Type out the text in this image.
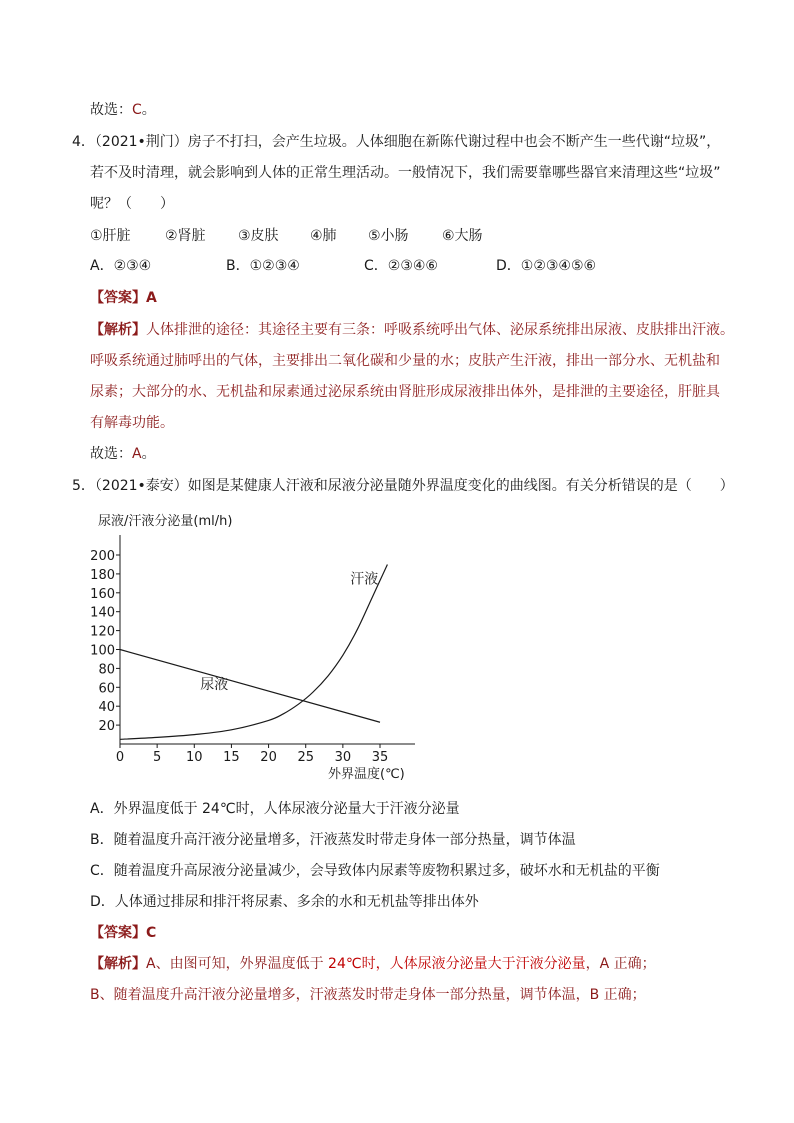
故选：C。
4．（2021•荆门）房子不打扫，会产生垃圾。人体细胞在新陈代谢过程中也会不断产生一些代谢“垃圾”，
若不及时清理，就会影响到人体的正常生理活动。一般情况下，我们需要靠哪些器官来清理这些“垃圾”
呢？（　　）
①肝脏 ②肾脏 ③皮肤 ④肺 ⑤小肠 ⑥大肠
A．②③④	B．①②③④	C．②③④⑥	D．①②③④⑤⑥
【答案】A
【解析】人体排泄的途径：其途径主要有三条：呼吸系统呼出气体、泌尿系统排出尿液、皮肤排出汗液。
呼吸系统通过肺呼出的气体，主要排出二氧化碳和少量的水；皮肤产生汗液，排出一部分水、无机盐和
尿素；大部分的水、无机盐和尿素通过泌尿系统由肾脏形成尿液排出体外，是排泄的主要途径，肝脏具
有解毒功能。
故选：A。
5．（2021•泰安）如图是某健康人汗液和尿液分泌量随外界温度变化的曲线图。有关分析错误的是（　　）
尿液/汗液分泌量(ml/h)
20
40
60
80
100
120
140
160
180
200
0 5 10 15 20 25 30 35
汗液
尿液
外界温度(℃)
A．外界温度低于 24℃时，人体尿液分泌量大于汗液分泌量
B．随着温度升高汗液分泌量增多，汗液蒸发时带走身体一部分热量，调节体温
C．随着温度升高尿液分泌量减少，会导致体内尿素等废物积累过多，破坏水和无机盐的平衡
D．人体通过排尿和排汗将尿素、多余的水和无机盐等排出体外
【答案】C
【解析】A、由图可知，外界温度低于 24℃时，人体尿液分泌量大于汗液分泌量，A 正确；
B、随着温度升高汗液分泌量增多，汗液蒸发时带走身体一部分热量，调节体温，B 正确；
